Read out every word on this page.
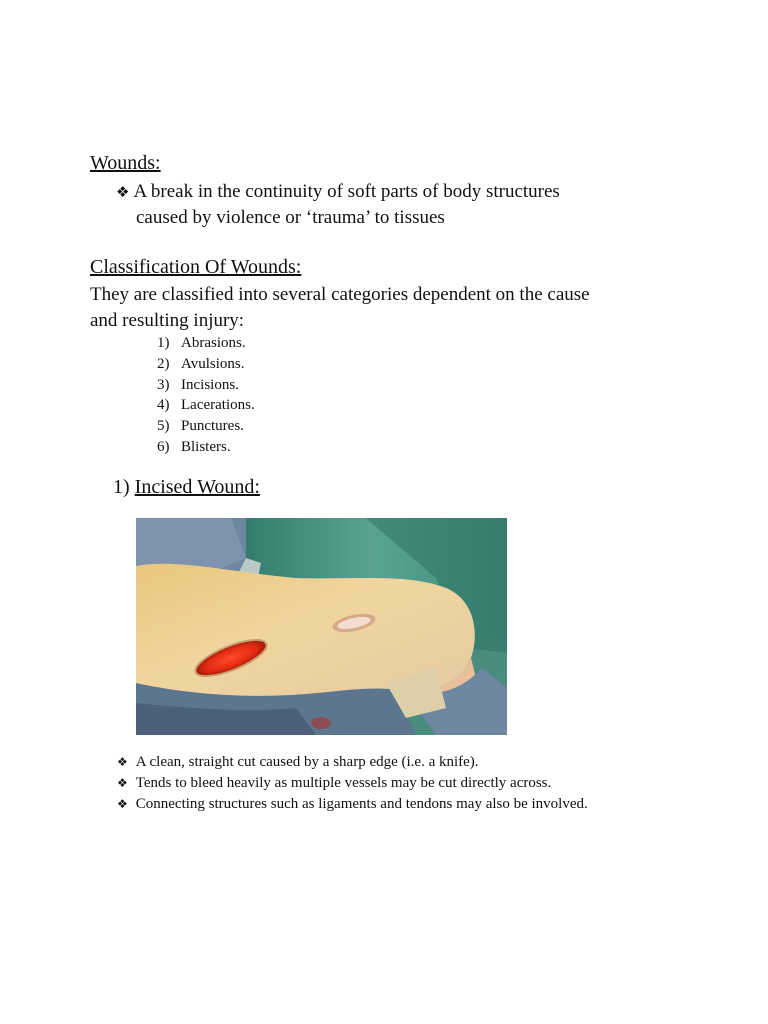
Wounds:
❖ A break in the continuity of soft parts of body structures
caused by violence or ‘trauma’ to tissues
Classification Of Wounds:
They are classified into several categories dependent on the cause
and resulting injury:
1) Abrasions.
2) Avulsions.
3) Incisions.
4) Lacerations.
5) Punctures.
6) Blisters.
1) Incised Wound:
❖ A clean, straight cut caused by a sharp edge (i.e. a knife).
❖ Tends to bleed heavily as multiple vessels may be cut directly across.
❖ Connecting structures such as ligaments and tendons may also be involved.
